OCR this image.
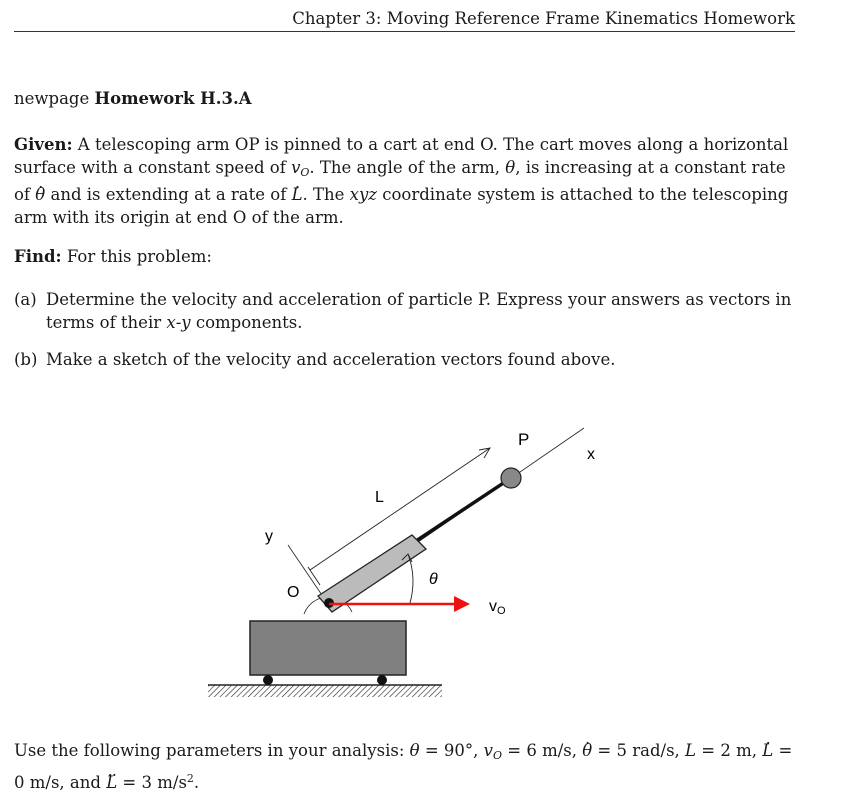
Chapter 3: Moving Reference Frame Kinematics Homework
newpage Homework H.3.A
Given: A telescoping arm OP is pinned to a cart at end O. The cart moves along a horizontal surface with a constant speed of $v_O$. The angle of the arm, θ, is increasing at a constant rate of . θ and is extending at a rate of . L. The xyz coordinate system is attached to the telescoping arm with its origin at end O of the arm.
Find: For this problem:
(a) Determine the velocity and acceleration of particle P. Express your answers as vectors in terms of their x-y components.
(b) Make a sketch of the velocity and acceleration vectors found above.
P
x
L
y
O
θ
vO
Use the following parameters in your analysis: θ = 90°, $v_O = 6$ m/s, . θ = 5 rad/s, L = 2 m, . L = 0 m/s, and .. L = 3 $m/s^2$.
